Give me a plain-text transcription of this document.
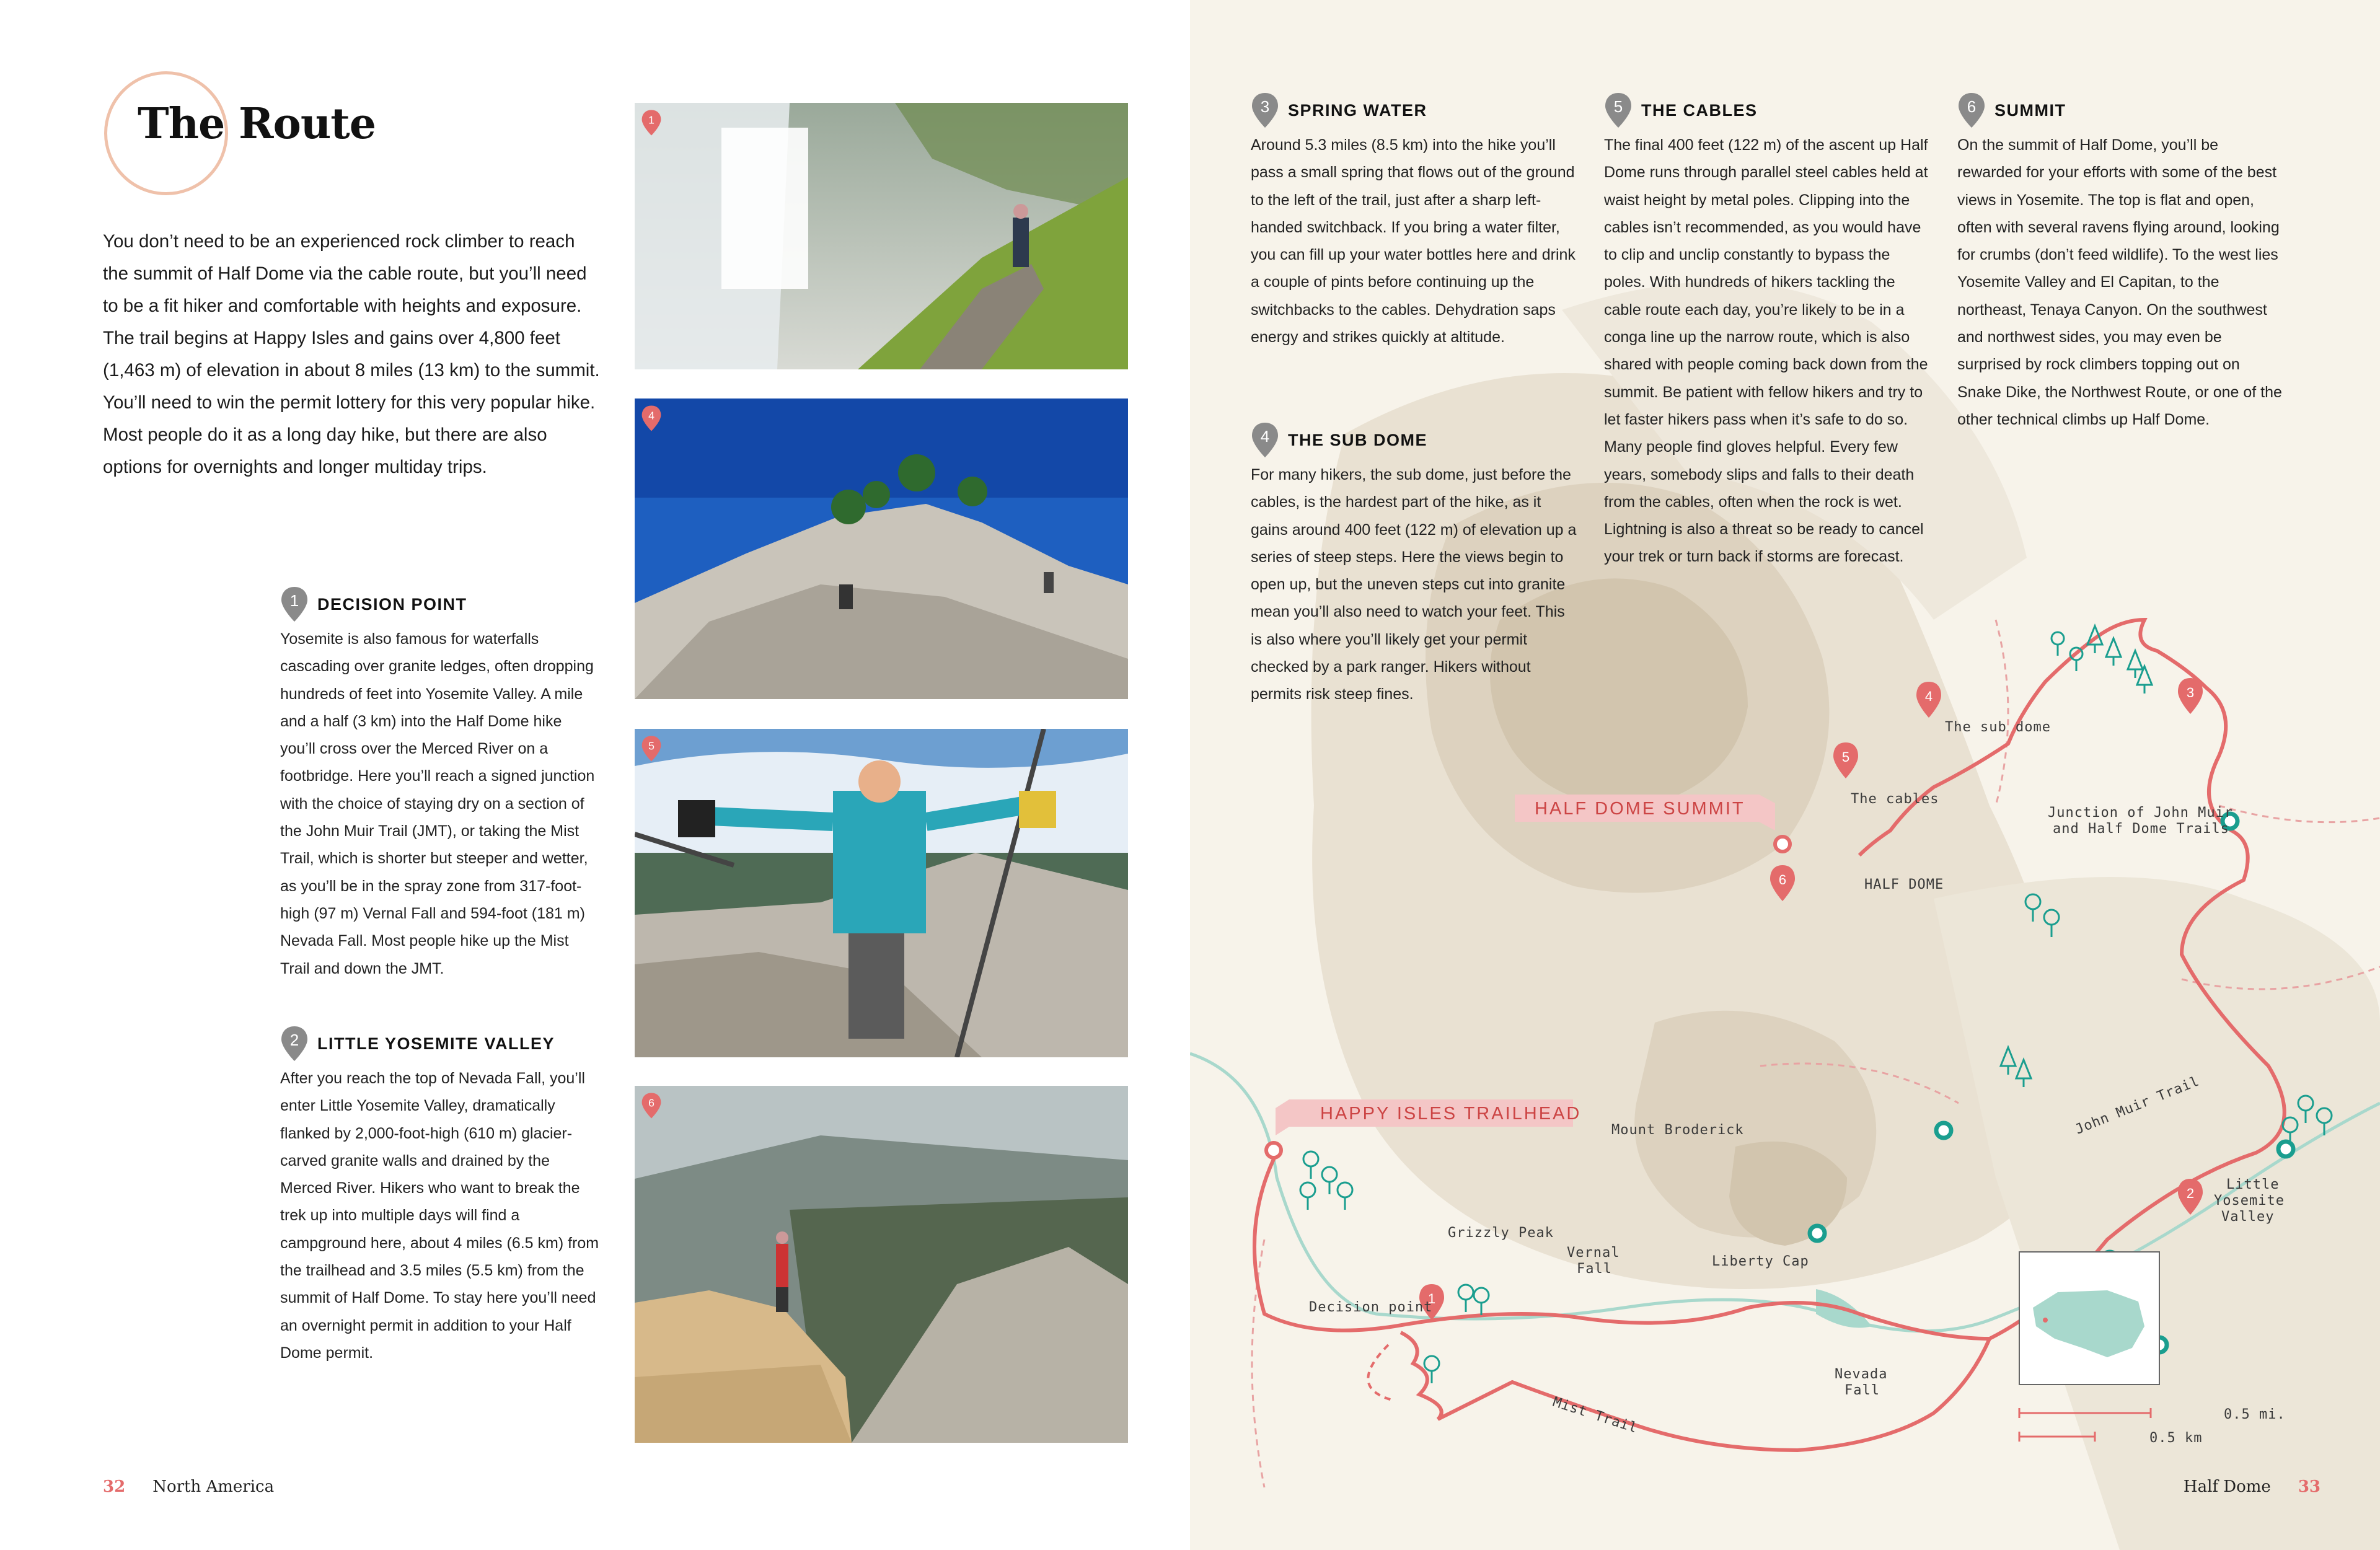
The Route

You don’t need to be an experienced rock climber to reach the summit of Half Dome via the cable route, but you’ll need to be a fit hiker and comfortable with heights and exposure. The trail begins at Happy Isles and gains over 4,800 feet (1,463 m) of elevation in about 8 miles (13 km) to the summit. You’ll need to win the permit lottery for this very popular hike. Most people do it as a long day hike, but there are also options for overnights and longer multiday trips.

1 DECISION POINT

Yosemite is also famous for waterfalls cascading over granite ledges, often dropping hundreds of feet into Yosemite Valley. A mile and a half (3 km) into the Half Dome hike you’ll cross over the Merced River on a footbridge. Here you’ll reach a signed junction with the choice of staying dry on a section of the John Muir Trail (JMT), or taking the Mist Trail, which is shorter but steeper and wetter, as you’ll be in the spray zone from 317-foot-high (97 m) Vernal Fall and 594-foot (181 m) Nevada Fall. Most people hike up the Mist Trail and down the JMT.

2 LITTLE YOSEMITE VALLEY

After you reach the top of Nevada Fall, you’ll enter Little Yosemite Valley, dramatically flanked by 2,000-foot-high (610 m) glacier-carved granite walls and drained by the Merced River. Hikers who want to break the trek up into multiple days will find a campground here, about 4 miles (6.5 km) from the trailhead and 3.5 miles (5.5 km) from the summit of Half Dome. To stay here you’ll need an overnight permit in addition to your Half Dome permit.

1
4
5
6
32 North America
4
5
6
3
2
1
HALF DOME SUMMIT
HAPPY ISLES TRAILHEAD
The sub dome
The cables
HALF DOME
Junction of John Muir
and Half Dome Trails
Mount Broderick
Grizzly Peak
Vernal
Fall	Liberty Cap
Decision point
Nevada
Fall
Mist Trail
John Muir Trail
Little
Yosemite
Valley
0.5 mi.
0.5 km
3 SPRING WATER

Around 5.3 miles (8.5 km) into the hike you’ll pass a small spring that flows out of the ground to the left of the trail, just after a sharp left-handed switchback. If you bring a water filter, you can fill up your water bottles here and drink a couple of pints before continuing up the switchbacks to the cables. Dehydration saps energy and strikes quickly at altitude.

4 THE SUB DOME

For many hikers, the sub dome, just before the cables, is the hardest part of the hike, as it gains around 400 feet (122 m) of elevation up a series of steep steps. Here the views begin to open up, but the uneven steps cut into granite mean you’ll also need to watch your feet. This is also where you’ll likely get your permit checked by a park ranger. Hikers without permits risk steep fines.

5 THE CABLES

The final 400 feet (122 m) of the ascent up Half Dome runs through parallel steel cables held at waist height by metal poles. Clipping into the cables isn’t recommended, as you would have to clip and unclip constantly to bypass the poles. With hundreds of hikers tackling the cable route each day, you’re likely to be in a conga line up the narrow route, which is also shared with people coming back down from the summit. Be patient with fellow hikers and try to let faster hikers pass when it’s safe to do so. Many people find gloves helpful. Every few years, somebody slips and falls to their death from the cables, often when the rock is wet. Lightning is also a threat so be ready to cancel your trek or turn back if storms are forecast.

6 SUMMIT

On the summit of Half Dome, you’ll be rewarded for your efforts with some of the best views in Yosemite. The top is flat and open, often with several ravens flying around, looking for crumbs (don’t feed wildlife). To the west lies Yosemite Valley and El Capitan, to the northeast, Tenaya Canyon. On the southwest and northwest sides, you may even be surprised by rock climbers topping out on Snake Dike, the Northwest Route, or one of the other technical climbs up Half Dome.

Half Dome 33
